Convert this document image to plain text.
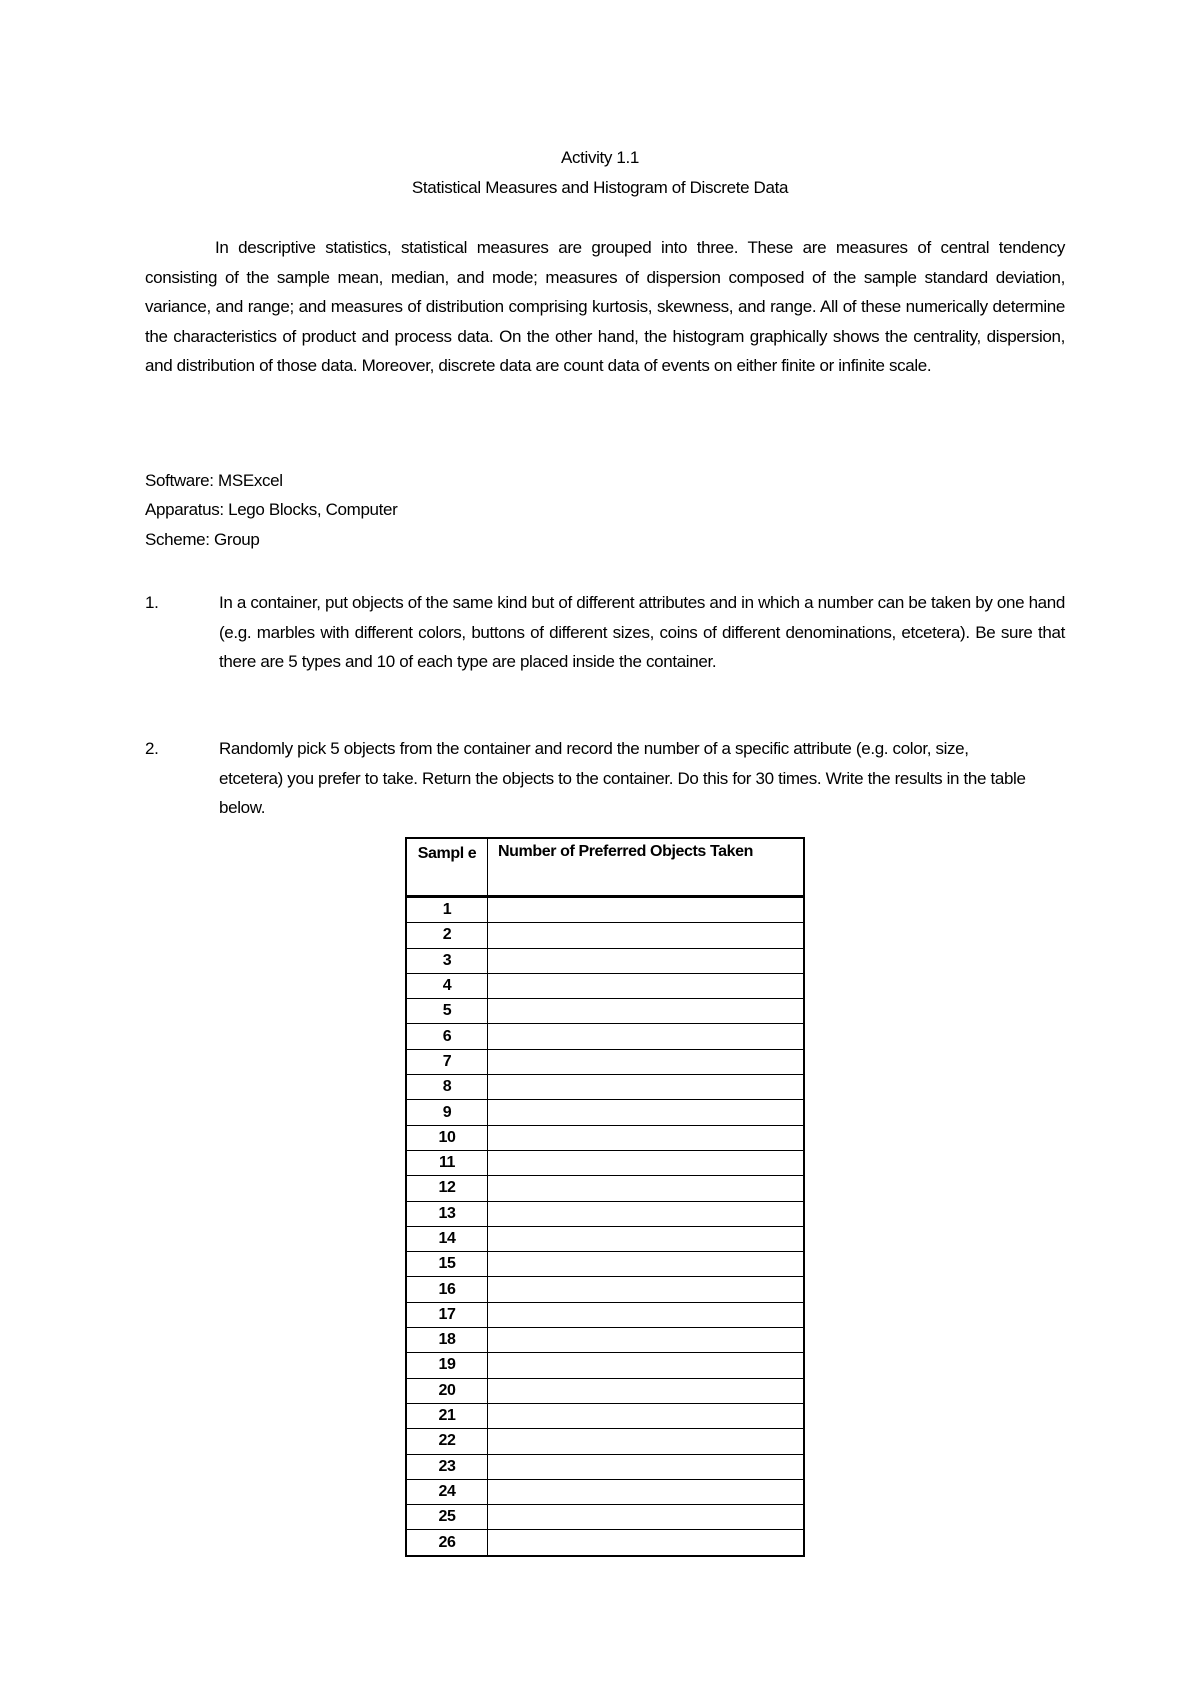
Activity 1.1
Statistical Measures and Histogram of Discrete Data
In descriptive statistics, statistical measures are grouped into three. These are measures of central tendency consisting of the sample mean, median, and mode; measures of dispersion composed of the sample standard deviation, variance, and range; and measures of distribution comprising kurtosis, skewness, and range. All of these numerically determine the characteristics of product and process data. On the other hand, the histogram graphically shows the centrality, dispersion, and distribution of those data. Moreover, discrete data are count data of events on either finite or infinite scale.
Software: MSExcel
Apparatus: Lego Blocks, Computer
Scheme: Group
1.	In a container, put objects of the same kind but of different attributes and in which a number can be taken by one hand (e.g. marbles with different colors, buttons of different sizes, coins of different denominations, etcetera). Be sure that there are 5 types and 10 of each type are placed inside the container.
2.	Randomly pick 5 objects from the container and record the number of a specific attribute (e.g. color, size, etcetera) you prefer to take. Return the objects to the container. Do this for 30 times. Write the results in the table below.
Sampl e	Number of Preferred Objects Taken
1	
2	
3	
4	
5	
6	
7	
8	
9	
10	
11	
12	
13	
14	
15	
16	
17	
18	
19	
20	
21	
22	
23	
24	
25	
26	
